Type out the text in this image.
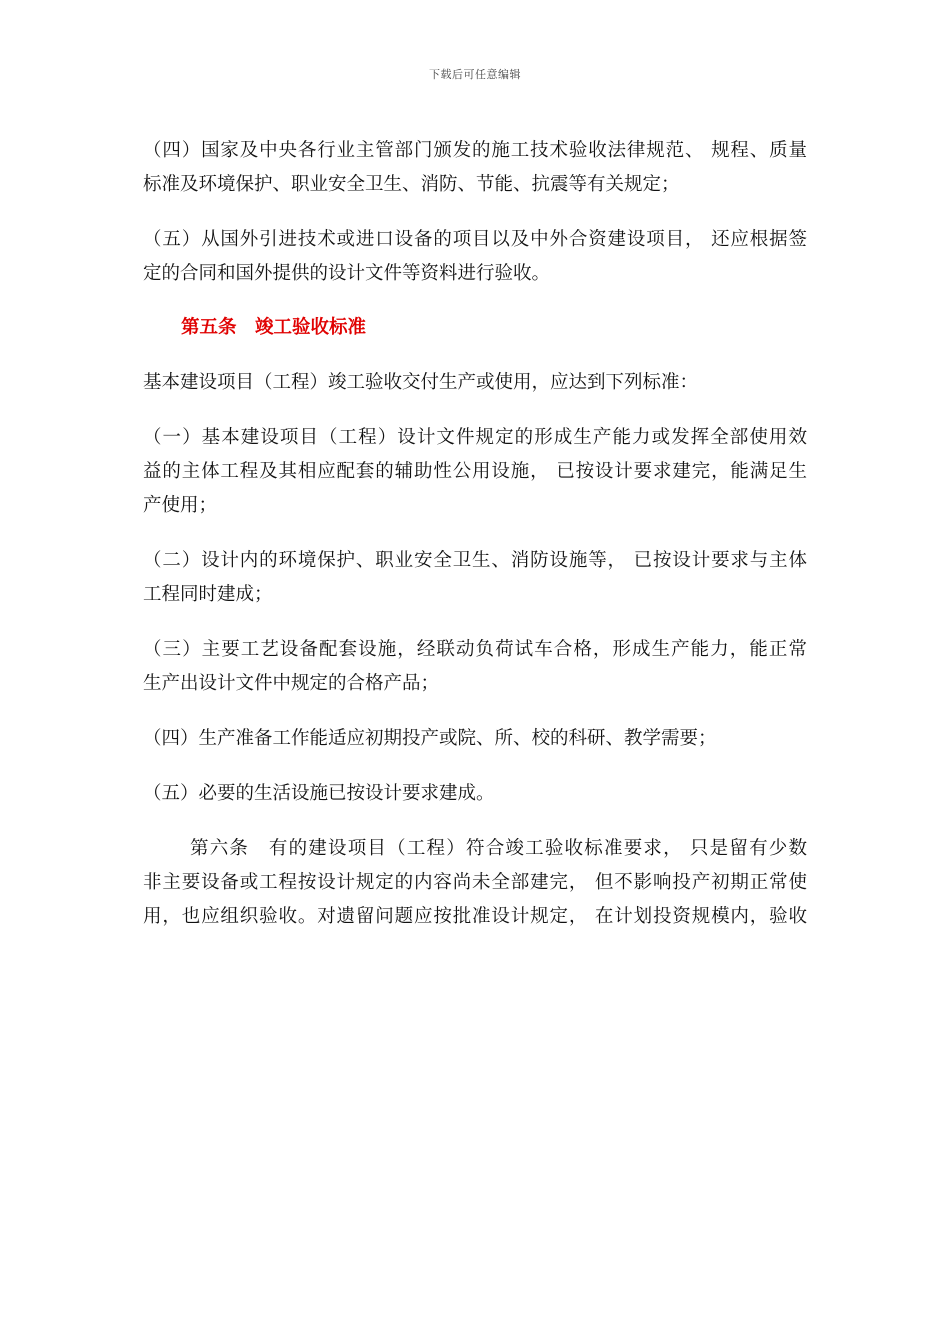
下载后可任意编辑
（四）国家及中央各行业主管部门颁发的施工技术验收法律规范、 规程、质量
标准及环境保护、职业安全卫生、消防、节能、抗震等有关规定；
（五）从国外引进技术或进口设备的项目以及中外合资建设项目， 还应根据签
定的合同和国外提供的设计文件等资料进行验收。
第五条　竣工验收标准
基本建设项目（工程）竣工验收交付生产或使用，应达到下列标准：
（一）基本建设项目（工程）设计文件规定的形成生产能力或发挥全部使用效
益的主体工程及其相应配套的辅助性公用设施， 已按设计要求建完，能满足生
产使用；
（二）设计内的环境保护、职业安全卫生、消防设施等， 已按设计要求与主体
工程同时建成；
（三）主要工艺设备配套设施，经联动负荷试车合格，形成生产能力，能正常
生产出设计文件中规定的合格产品；
（四）生产准备工作能适应初期投产或院、所、校的科研、教学需要；
（五）必要的生活设施已按设计要求建成。
第六条　有的建设项目（工程）符合竣工验收标准要求， 只是留有少数
非主要设备或工程按设计规定的内容尚未全部建完， 但不影响投产初期正常使
用，也应组织验收。对遗留问题应按批准设计规定， 在计划投资规模内，验收
